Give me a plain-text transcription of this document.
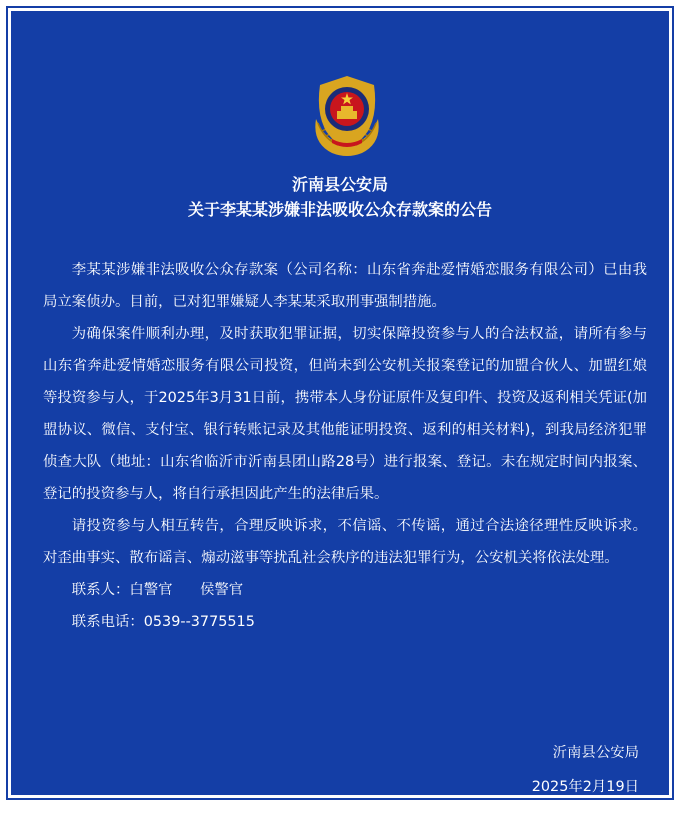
沂南县公安局
关于李某某涉嫌非法吸收公众存款案的公告

李某某涉嫌非法吸收公众存款案（公司名称：山东省奔赴爱情婚恋服务有限公司）已由我局立案侦办。目前，已对犯罪嫌疑人李某某采取刑事强制措施。

为确保案件顺利办理，及时获取犯罪证据，切实保障投资参与人的合法权益，请所有参与山东省奔赴爱情婚恋服务有限公司投资，但尚未到公安机关报案登记的加盟合伙人、加盟红娘等投资参与人，于2025年3月31日前，携带本人身份证原件及复印件、投资及返利相关凭证(加盟协议、微信、支付宝、银行转账记录及其他能证明投资、返利的相关材料)，到我局经济犯罪侦查大队（地址：山东省临沂市沂南县团山路28号）进行报案、登记。未在规定时间内报案、登记的投资参与人，将自行承担因此产生的法律后果。

请投资参与人相互转告，合理反映诉求，不信谣、不传谣，通过合法途径理性反映诉求。对歪曲事实、散布谣言、煽动滋事等扰乱社会秩序的违法犯罪行为，公安机关将依法处理。

联系人：白警官      侯警官
联系电话：0539--3775515
沂南县公安局
2025年2月19日
